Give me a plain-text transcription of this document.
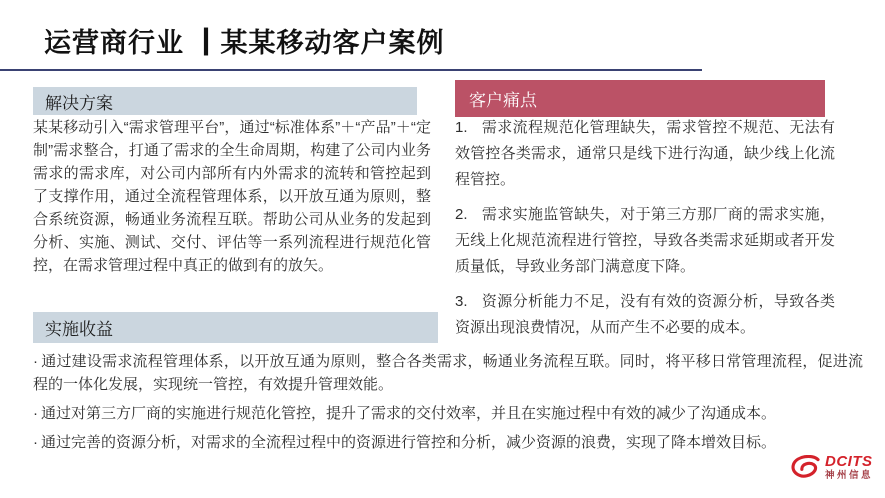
运营商行业 ┃某某移动客户案例
解决方案
某某移动引入“需求管理平台”，通过“标准体系”＋“产品”＋“定制”需求整合，打通了需求的全生命周期，构建了公司内业务需求的需求库，对公司内部所有内外需求的流转和管控起到了支撑作用，通过全流程管理体系，以开放互通为原则，整合系统资源，畅通业务流程互联。帮助公司从业务的发起到分析、实施、测试、交付、评估等一系列流程进行规范化管控，在需求管理过程中真正的做到有的放矢。
客户痛点
1. 需求流程规范化管理缺失，需求管控不规范、无法有效管控各类需求，通常只是线下进行沟通，缺少线上化流程管控。
2. 需求实施监管缺失，对于第三方那厂商的需求实施，无线上化规范流程进行管控，导致各类需求延期或者开发质量低，导致业务部门满意度下降。
3. 资源分析能力不足，没有有效的资源分析，导致各类资源出现浪费情况，从而产生不必要的成本。
实施收益
· 通过建设需求流程管理体系，以开放互通为原则，整合各类需求，畅通业务流程互联。同时，将平移日常管理流程，促进流程的一体化发展，实现统一管控，有效提升管理效能。
· 通过对第三方厂商的实施进行规范化管控，提升了需求的交付效率，并且在实施过程中有效的减少了沟通成本。
· 通过完善的资源分析，对需求的全流程过程中的资源进行管控和分析，减少资源的浪费，实现了降本增效目标。
DCITS
神州信息
